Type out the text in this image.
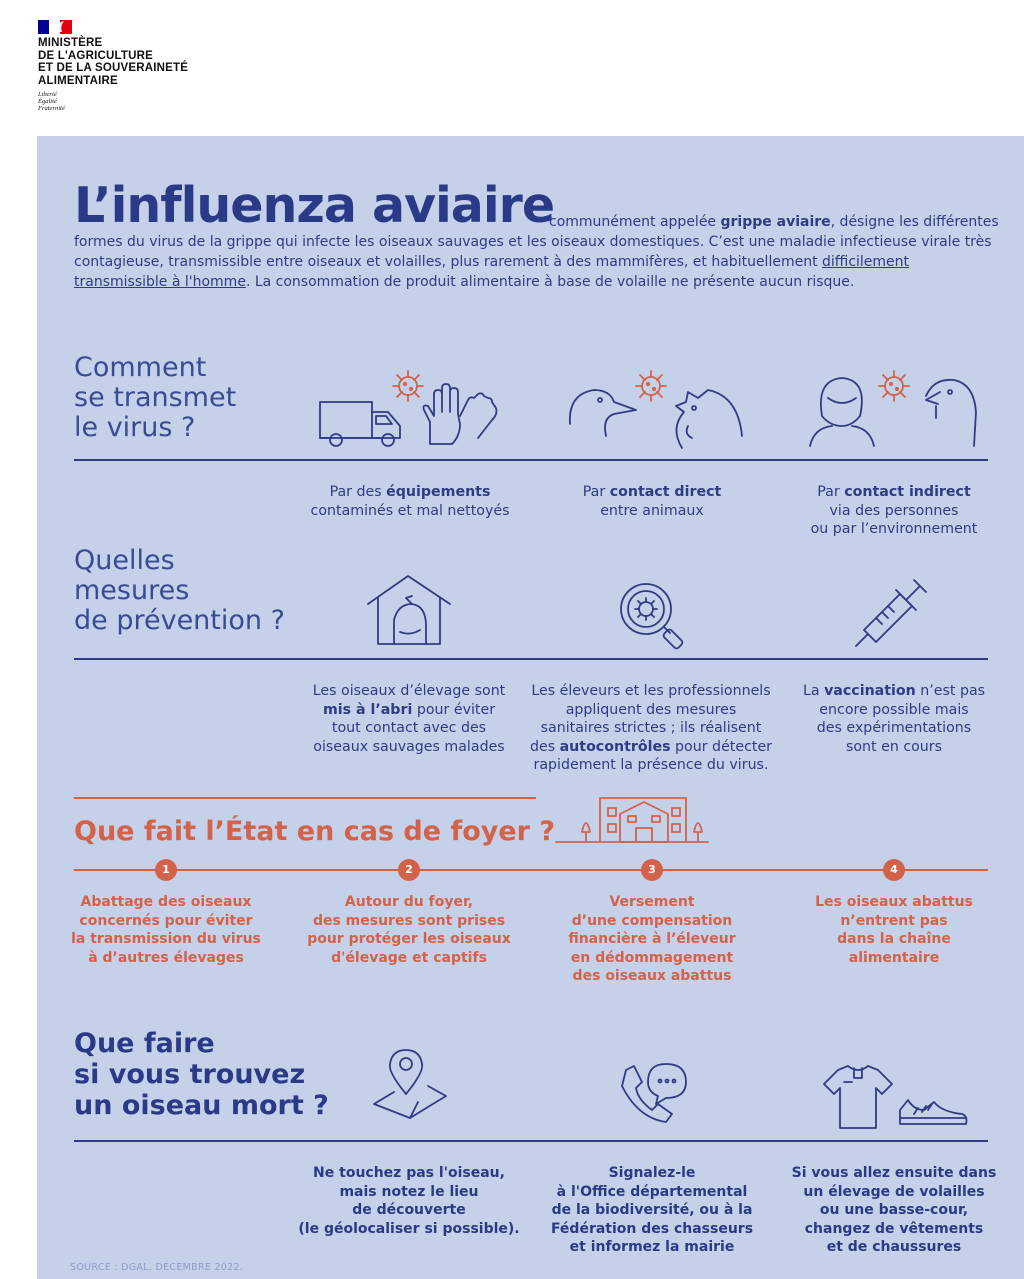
MINISTÈRE
DE L'AGRICULTURE
ET DE LA SOUVERAINETÉ
ALIMENTAIRE
Liberté
Égalité
Fraternité
L’influenza aviaire
communément appelée grippe aviaire, désigne les différentes
formes du virus de la grippe qui infecte les oiseaux sauvages et les oiseaux domestiques. C’est une maladie infectieuse virale très contagieuse, transmissible entre oiseaux et volailles, plus rarement à des mammifères, et habituellement difficilement transmissible à l'homme. La consommation de produit alimentaire à base de volaille ne présente aucun risque.
Comment
se transmet
le virus ?
Par des équipements
contaminés et mal nettoyés
Par contact direct
entre animaux
Par contact indirect
via des personnes
ou par l’environnement
Quelles
mesures
de prévention ?
Les oiseaux d’élevage sont
mis à l’abri pour éviter
tout contact avec des
oiseaux sauvages malades
Les éleveurs et les professionnels
appliquent des mesures
sanitaires strictes ; ils réalisent
des autocontrôles pour détecter
rapidement la présence du virus.
La vaccination n’est pas
encore possible mais
des expérimentations
sont en cours
Que fait l’État en cas de foyer ?
1	2	3	4
Abattage des oiseaux
concernés pour éviter
la transmission du virus
à d’autres élevages
Autour du foyer,
des mesures sont prises
pour protéger les oiseaux
d'élevage et captifs
Versement
d’une compensation
financière à l’éleveur
en dédommagement
des oiseaux abattus
Les oiseaux abattus
n’entrent pas
dans la chaîne
alimentaire
Que faire
si vous trouvez
un oiseau mort ?
Ne touchez pas l'oiseau,
mais notez le lieu
de découverte
(le géolocaliser si possible).
Signalez-le
à l'Office départemental
de la biodiversité, ou à la
Fédération des chasseurs
et informez la mairie
Si vous allez ensuite dans
un élevage de volailles
ou une basse-cour,
changez de vêtements
et de chaussures
SOURCE : DGAL, DÉCEMBRE 2022.
